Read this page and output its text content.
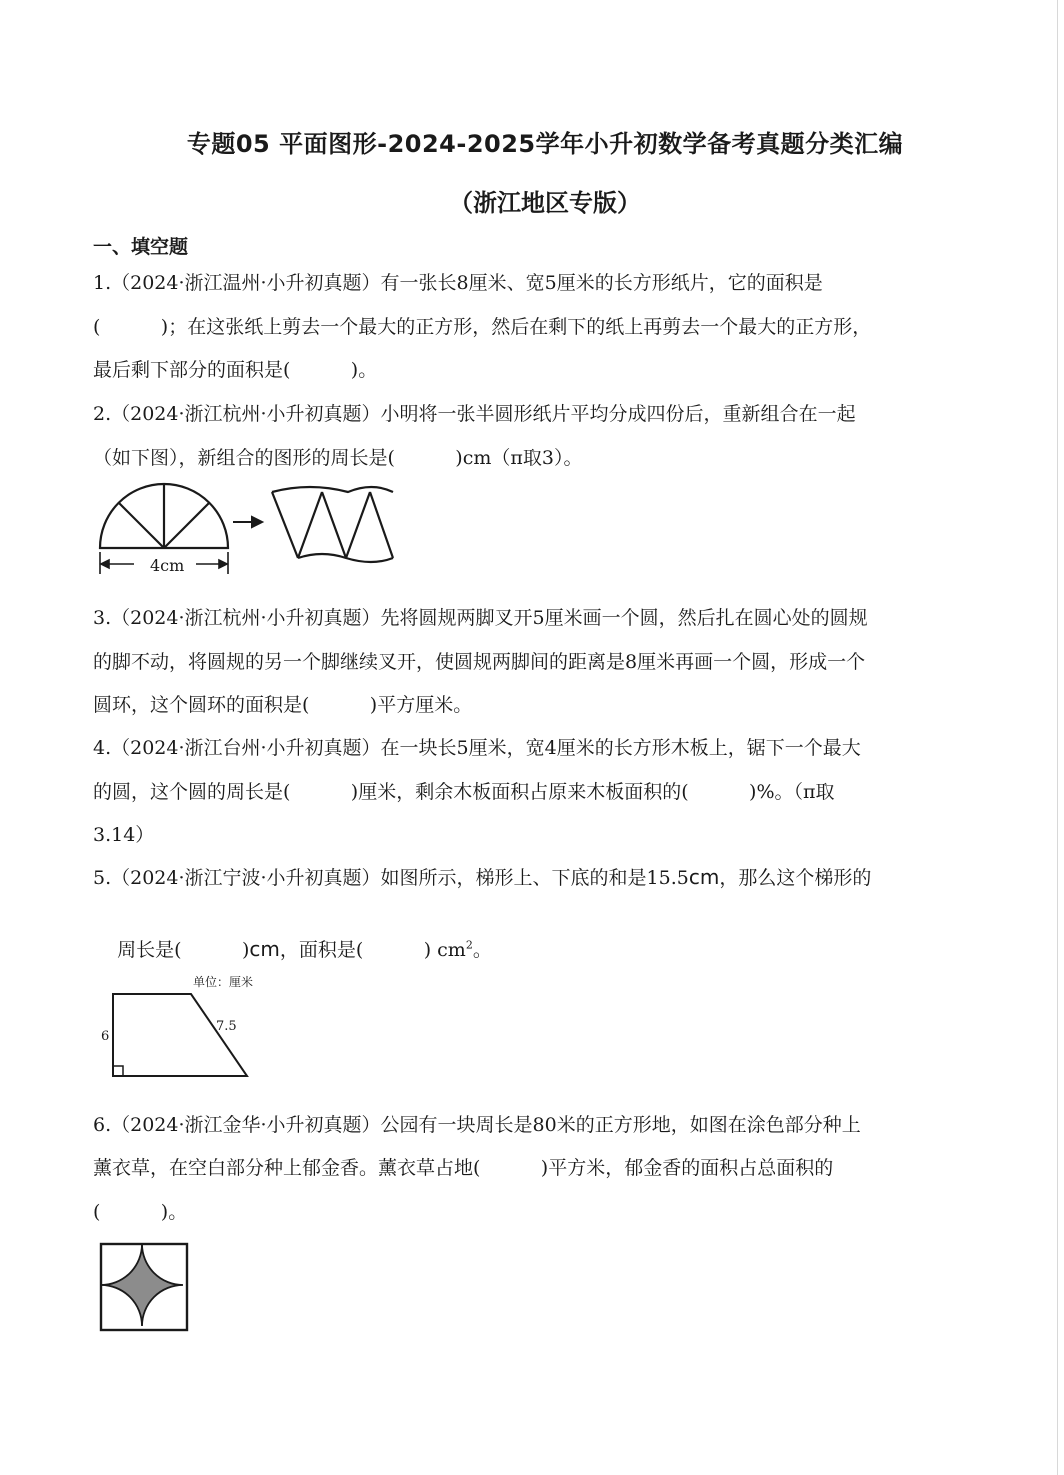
专题05 平面图形-2024-2025学年小升初数学备考真题分类汇编
（浙江地区专版）
一、填空题
1.（2024·浙江温州·小升初真题）有一张长8厘米、宽5厘米的长方形纸片，它的面积是
(          )；在这张纸上剪去一个最大的正方形，然后在剩下的纸上再剪去一个最大的正方形，
最后剩下部分的面积是(          )。
2.（2024·浙江杭州·小升初真题）小明将一张半圆形纸片平均分成四份后，重新组合在一起
（如下图），新组合的图形的周长是(          )cm（π取3）。
4cm
3.（2024·浙江杭州·小升初真题）先将圆规两脚叉开5厘米画一个圆，然后扎在圆心处的圆规
的脚不动，将圆规的另一个脚继续叉开，使圆规两脚间的距离是8厘米再画一个圆，形成一个
圆环，这个圆环的面积是(          )平方厘米。
4.（2024·浙江台州·小升初真题）在一块长5厘米，宽4厘米的长方形木板上，锯下一个最大
的圆，这个圆的周长是(          )厘米，剩余木板面积占原来木板面积的(          )%。（π取
3.14）
5.（2024·浙江宁波·小升初真题）如图所示，梯形上、下底的和是15.5cm，那么这个梯形的

周长是(          )cm，面积是(          ) $cm^2$。

单位：厘米
6
7.5
6.（2024·浙江金华·小升初真题）公园有一块周长是80米的正方形地，如图在涂色部分种上
薰衣草，在空白部分种上郁金香。薰衣草占地(          )平方米，郁金香的面积占总面积的
(          )。
